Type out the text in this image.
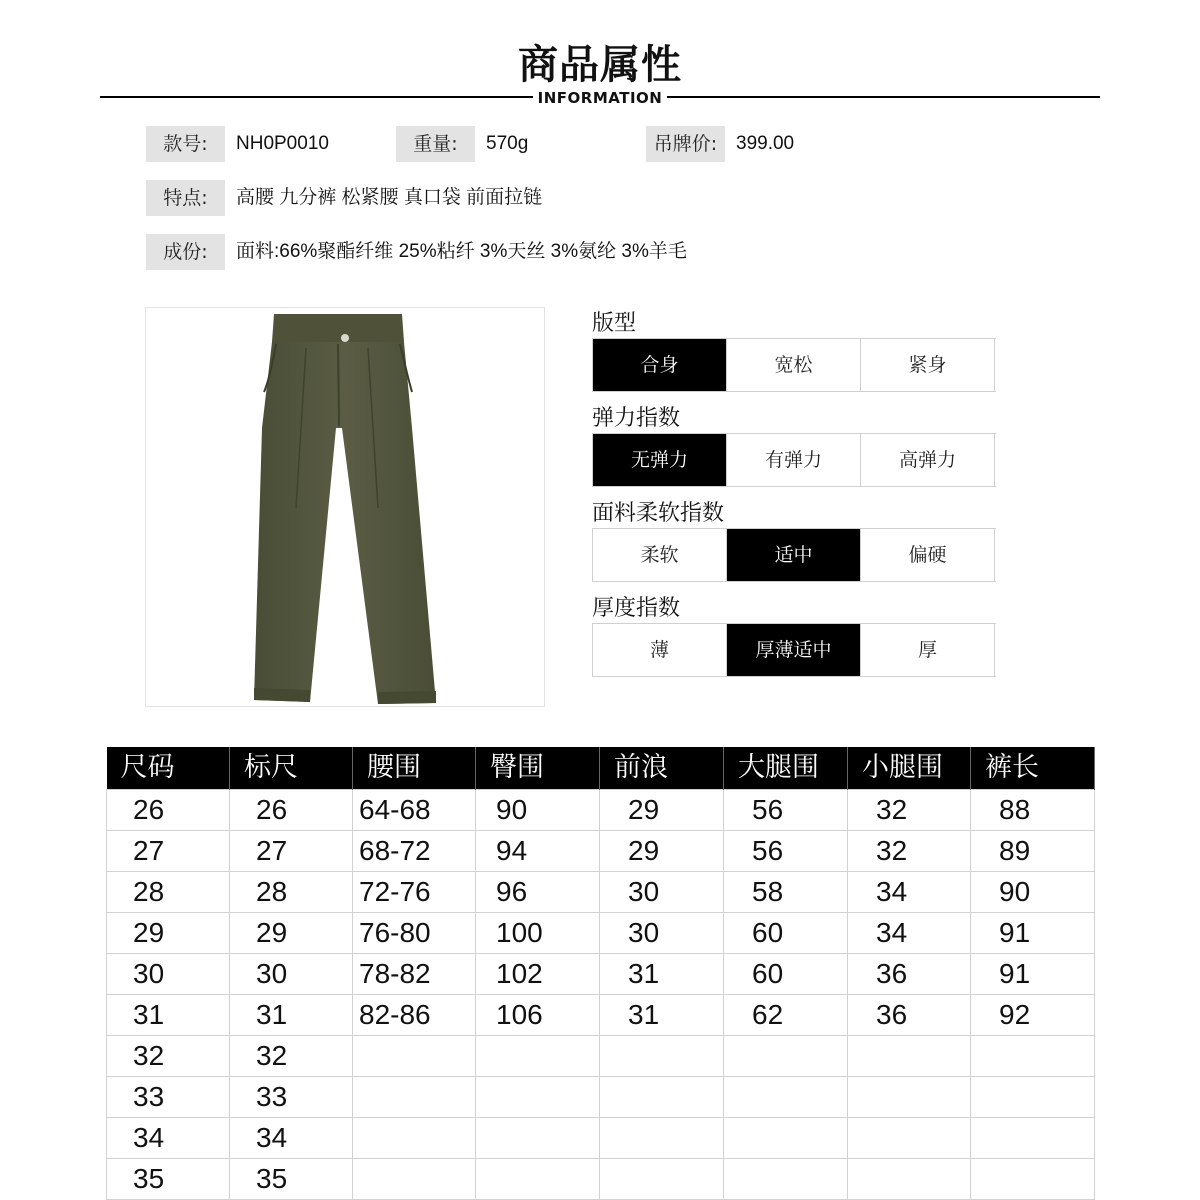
商品属性
INFORMATION
款号:	NH0P0010	重量:	570g	吊牌价: 399.00
特点:	高腰 九分裤 松紧腰 真口袋 前面拉链
成份:	面料:66%聚酯纤维 25%粘纤 3%天丝 3%氨纶 3%羊毛
版型
合身	宽松	紧身
弹力指数
无弹力	有弹力	高弹力
面料柔软指数
柔软	适中	偏硬
厚度指数
薄	厚薄适中	厚
尺码	标尺	腰围	臀围	前浪	大腿围	小腿围	裤长

26	26	64-68	90	29	56	32	88

27	27	68-72	94	29	56	32	89

28	28	72-76	96	30	58	34	90

29	29	76-80	100	30	60	34	91

30	30	78-82	102	31	60	36	91

31	31	82-86	106	31	62	36	92

32	32						

33	33						

34	34						

35	35						
